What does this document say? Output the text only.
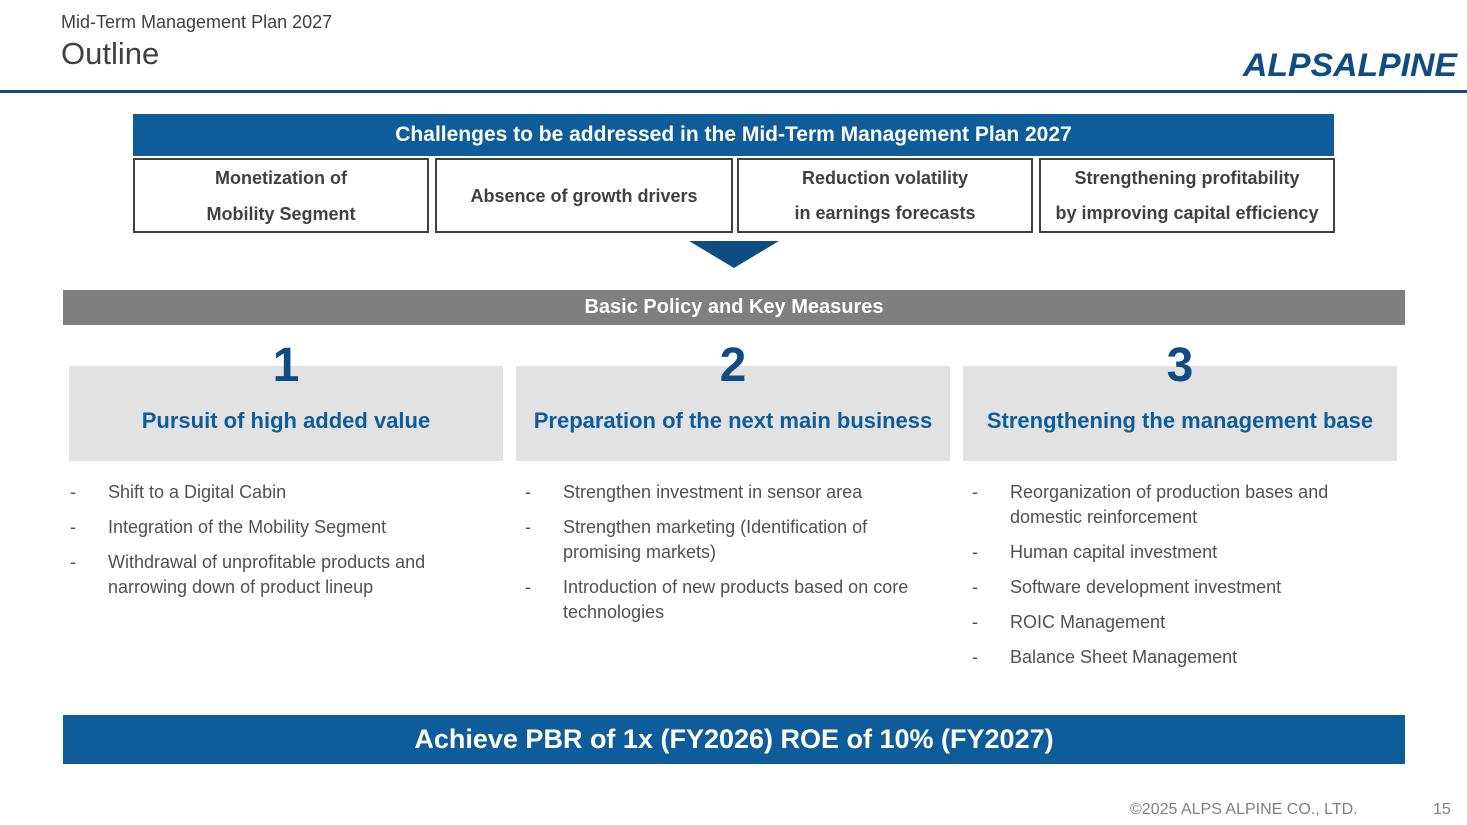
Mid-Term Management Plan 2027
Outline	ALPSALPINE
Challenges to be addressed in the Mid-Term Management Plan 2027
Monetization of
Mobility Segment
Absence of growth drivers
Reduction volatility
in earnings forecasts
Strengthening profitability
by improving capital efficiency
Basic Policy and Key Measures
1
Pursuit of high added value
-	Shift to a Digital Cabin
-	Integration of the Mobility Segment
-	Withdrawal of unprofitable products and narrowing down of product lineup
2
Preparation of the next main business
-	Strengthen investment in sensor area
-	Strengthen marketing (Identification of promising markets)
-	Introduction of new products based on core technologies
3
Strengthening the management base
-	Reorganization of production bases and domestic reinforcement
-	Human capital investment
-	Software development investment
-	ROIC Management
-	Balance Sheet Management
Achieve PBR of 1x (FY2026) ROE of 10% (FY2027)
©2025 ALPS ALPINE CO., LTD.	15
